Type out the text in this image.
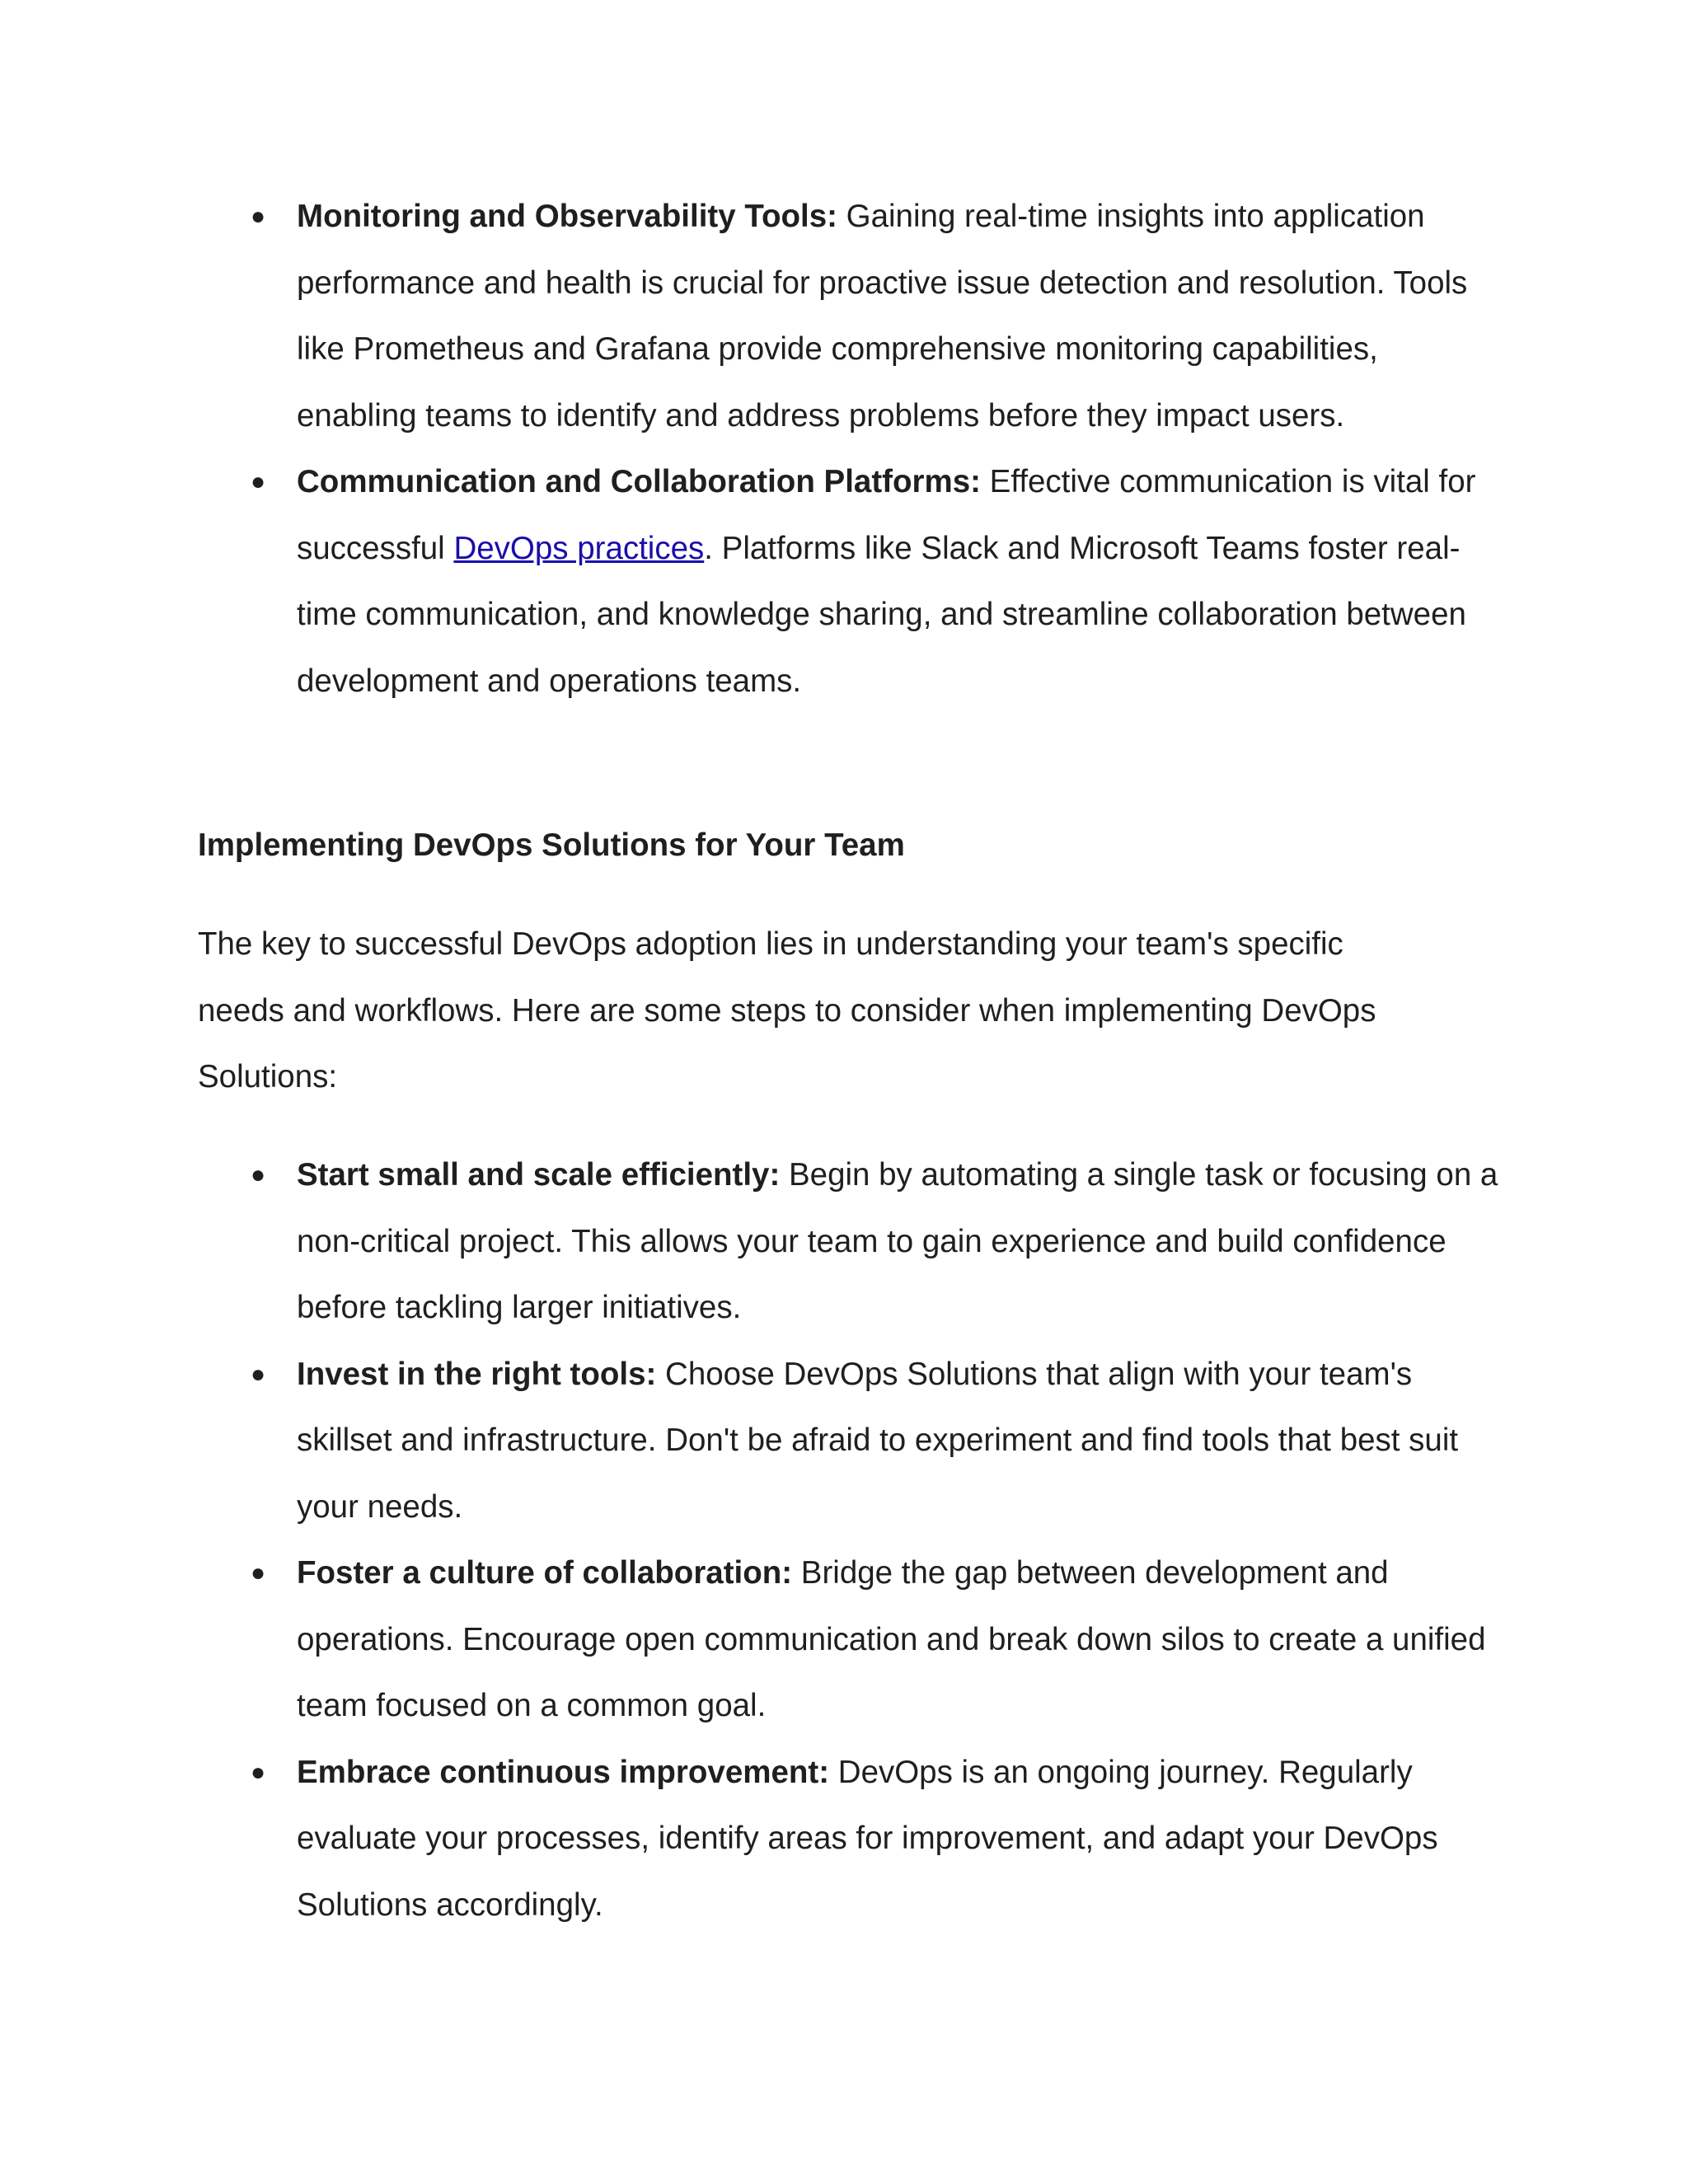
● Monitoring and Observability Tools: Gaining real-time insights into application performance and health is crucial for proactive issue detection and resolution. Tools like Prometheus and Grafana provide comprehensive monitoring capabilities, enabling teams to identify and address problems before they impact users.
● Communication and Collaboration Platforms: Effective communication is vital for successful DevOps practices. Platforms like Slack and Microsoft Teams foster real-time communication, and knowledge sharing, and streamline collaboration between development and operations teams.
Implementing DevOps Solutions for Your Team

The key to successful DevOps adoption lies in understanding your team's specific needs and workflows. Here are some steps to consider when implementing DevOps Solutions:

● Start small and scale efficiently: Begin by automating a single task or focusing on a non-critical project. This allows your team to gain experience and build confidence before tackling larger initiatives.
● Invest in the right tools: Choose DevOps Solutions that align with your team's skillset and infrastructure. Don't be afraid to experiment and find tools that best suit your needs.
● Foster a culture of collaboration: Bridge the gap between development and operations. Encourage open communication and break down silos to create a unified team focused on a common goal.
● Embrace continuous improvement: DevOps is an ongoing journey. Regularly evaluate your processes, identify areas for improvement, and adapt your DevOps Solutions accordingly.
